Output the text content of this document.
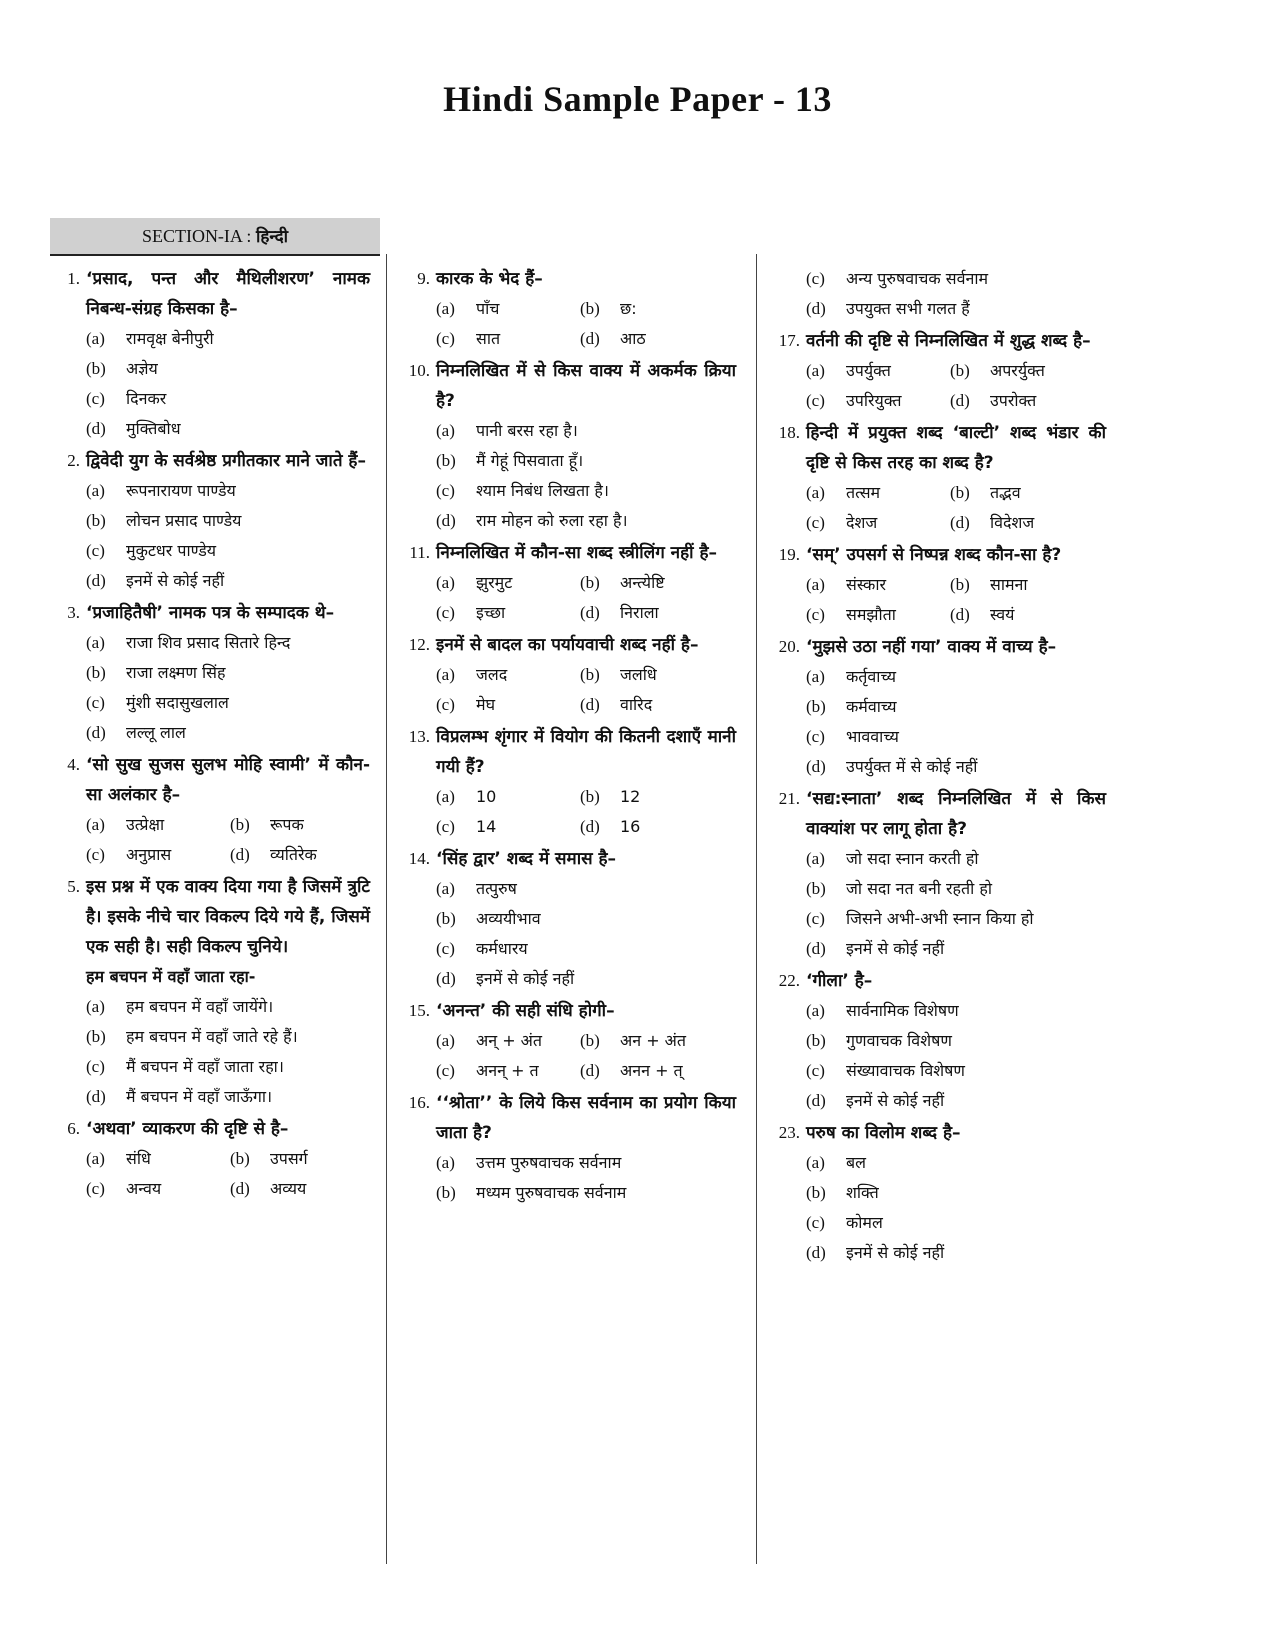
Hindi Sample Paper - 13
SECTION-IA : हिन्दी
1. ‘प्रसाद, पन्त और मैथिलीशरण’ नामक निबन्ध-संग्रह किसका है–
(a) रामवृक्ष बेनीपुरी
(b) अज्ञेय
(c) दिनकर
(d) मुक्तिबोध
2. द्विवेदी युग के सर्वश्रेष्ठ प्रगीतकार माने जाते हैं–
(a) रूपनारायण पाण्डेय
(b) लोचन प्रसाद पाण्डेय
(c) मुकुटधर पाण्डेय
(d) इनमें से कोई नहीं
3. ‘प्रजाहितैषी’ नामक पत्र के सम्पादक थे–
(a) राजा शिव प्रसाद सितारे हिन्द
(b) राजा लक्ष्मण सिंह
(c) मुंशी सदासुखलाल
(d) लल्लू लाल
4. ‘सो सुख सुजस सुलभ मोहि स्वामी’ में कौन-सा अलंकार है–
(a) उत्प्रेक्षा	(b) रूपक
(c) अनुप्रास	(d) व्यतिरेक
5. इस प्रश्न में एक वाक्य दिया गया है जिसमें त्रुटि है। इसके नीचे चार विकल्प दिये गये हैं, जिसमें एक सही है। सही विकल्प चुनिये।
हम बचपन में वहाँ जाता रहा-
(a) हम बचपन में वहाँ जायेंगे।
(b) हम बचपन में वहाँ जाते रहे हैं।
(c) मैं बचपन में वहाँ जाता रहा।
(d) मैं बचपन में वहाँ जाऊँगा।
6. ‘अथवा’ व्याकरण की दृष्टि से है–
(a) संधि	(b) उपसर्ग
(c) अन्वय	(d) अव्यय
9. कारक के भेद हैं–
(a) पाँच	(b) छ:
(c) सात	(d) आठ
10. निम्नलिखित में से किस वाक्य में अकर्मक क्रिया है?
(a) पानी बरस रहा है।
(b) मैं गेहूं पिसवाता हूँ।
(c) श्याम निबंध लिखता है।
(d) राम मोहन को रुला रहा है।
11. निम्नलिखित में कौन-सा शब्द स्त्रीलिंग नहीं है–
(a) झुरमुट	(b) अन्त्येष्टि
(c) इच्छा	(d) निराला
12. इनमें से बादल का पर्यायवाची शब्द नहीं है–
(a) जलद	(b) जलधि
(c) मेघ	(d) वारिद
13. विप्रलम्भ श‍ृंगार में वियोग की कितनी दशाएँ मानी गयी हैं?
(a) 10	(b) 12
(c) 14	(d) 16
14. ‘सिंह द्वार’ शब्द में समास है–
(a) तत्पुरुष
(b) अव्ययीभाव
(c) कर्मधारय
(d) इनमें से कोई नहीं
15. ‘अनन्त’ की सही संधि होगी–
(a) अन् + अंत	(b) अन + अंत
(c) अनन् + त	(d) अनन + त्
16. ‘‘श्रोता’’ के लिये किस सर्वनाम का प्रयोग किया जाता है?
(a) उत्तम पुरुषवाचक सर्वनाम
(b) मध्यम पुरुषवाचक सर्वनाम
(c) अन्य पुरुषवाचक सर्वनाम
(d) उपयुक्त सभी गलत हैं
17. वर्तनी की दृष्टि से निम्नलिखित में शुद्ध शब्द है–
(a) उपर्युक्त	(b) अपरर्युक्त
(c) उपरियुक्त	(d) उपरोक्त
18. हिन्दी में प्रयुक्त शब्द ‘बाल्टी’ शब्द भंडार की दृष्टि से किस तरह का शब्द है?
(a) तत्सम	(b) तद्भव
(c) देशज	(d) विदेशज
19. ‘सम्’ उपसर्ग से निष्पन्न शब्द कौन-सा है?
(a) संस्कार	(b) सामना
(c) समझौता	(d) स्वयं
20. ‘मुझसे उठा नहीं गया’ वाक्य में वाच्य है–
(a) कर्तृवाच्य
(b) कर्मवाच्य
(c) भाववाच्य
(d) उपर्युक्त में से कोई नहीं
21. ‘सद्य:स्नाता’ शब्द निम्नलिखित में से किस वाक्यांश पर लागू होता है?
(a) जो सदा स्नान करती हो
(b) जो सदा नत बनी रहती हो
(c) जिसने अभी-अभी स्नान किया हो
(d) इनमें से कोई नहीं
22. ‘गीला’ है–
(a) सार्वनामिक विशेषण
(b) गुणवाचक विशेषण
(c) संख्यावाचक विशेषण
(d) इनमें से कोई नहीं
23. परुष का विलोम शब्द है–
(a) बल
(b) शक्ति
(c) कोमल
(d) इनमें से कोई नहीं
